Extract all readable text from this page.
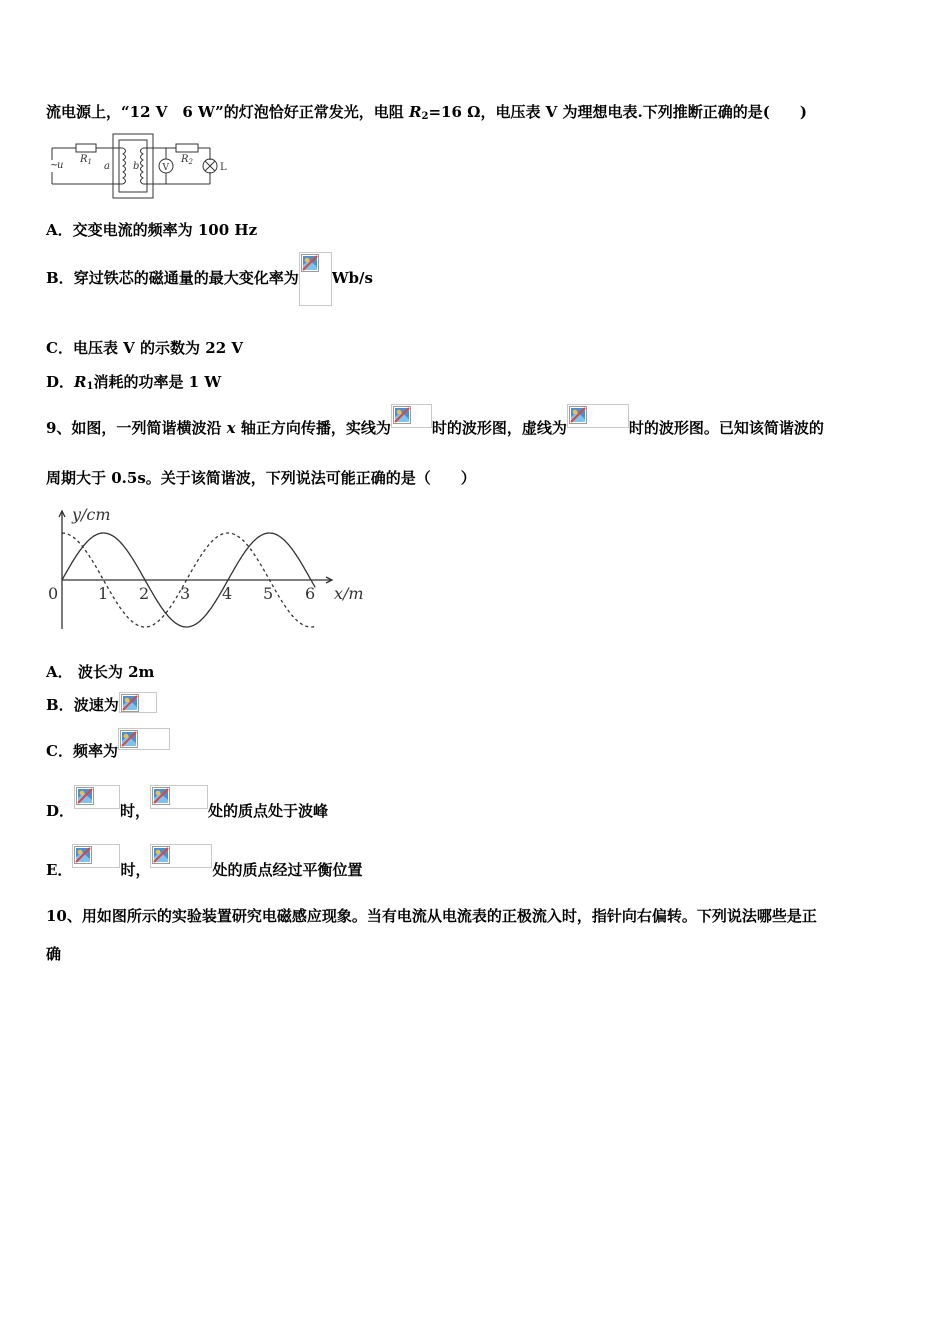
流电源上，“12 V　6 W”的灯泡恰好正常发光，电阻 $R_2=16$ Ω，电压表 V 为理想电表.下列推断正确的是(　　)
~
u
$R_1$ a b	V
$R_2$	L
A．交变电流的频率为 100 Hz
B．穿过铁芯的磁通量的最大变化率为 Wb/s
C．电压表 V 的示数为 22 V
D．$R_1$消耗的功率是 1 W
9、如图，一列简谐横波沿 x 轴正方向传播，实线为	时的波形图，虚线为	时的波形图。已知该简谐波的
周期大于 0.5s。关于该简谐波，下列说法可能正确的是（　　）
y/cm
x/m
0 1 2 3 4 5 6
A． 波长为 2m
B．波速为
C．频率为
D．	时，	处的质点处于波峰
E．	时，	处的质点经过平衡位置
10、用如图所示的实验装置研究电磁感应现象。当有电流从电流表的正极流入时，指针向右偏转。下列说法哪些是正
确
